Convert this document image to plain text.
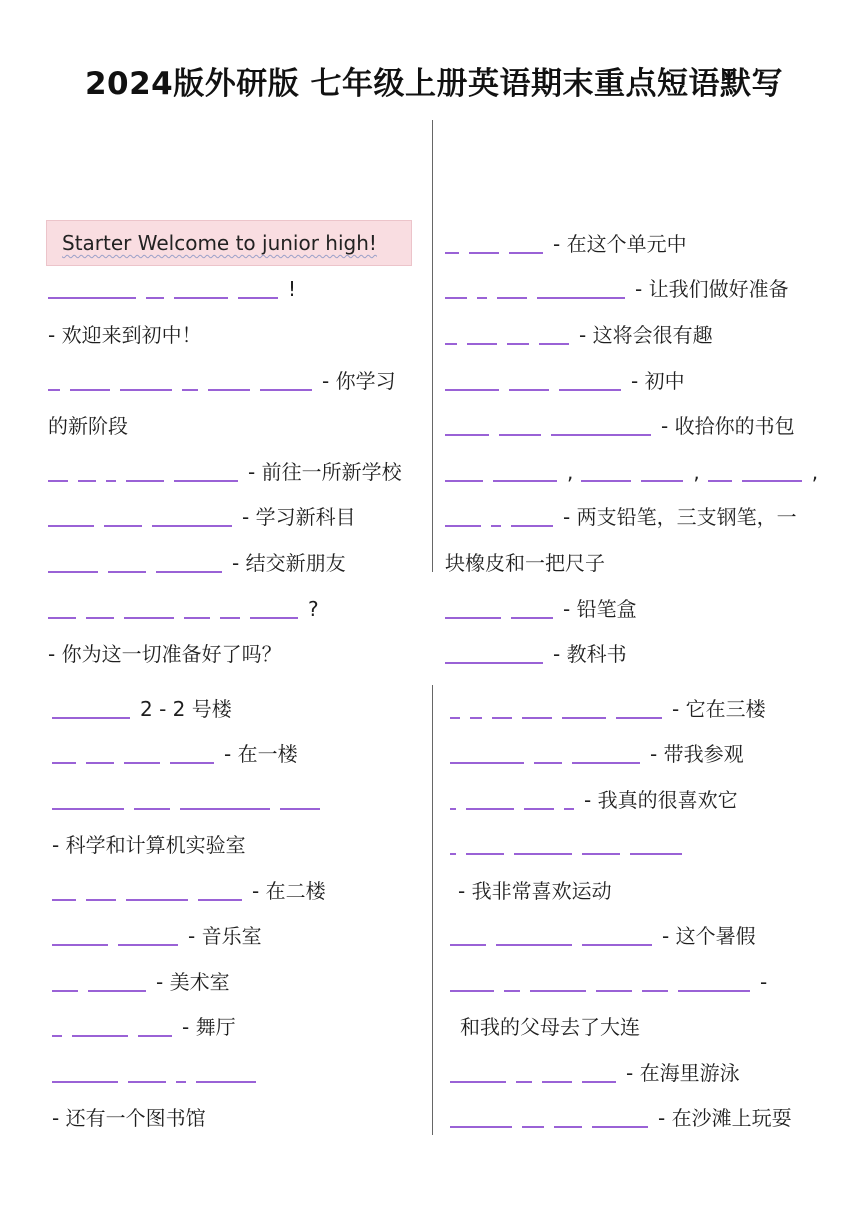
2024版外研版 七年级上册英语期末重点短语默写
Starter Welcome to junior high!
!
- 欢迎来到初中！
- 你学习
的新阶段
- 前往一所新学校
- 学习新科目
- 结交新朋友
?
- 你为这一切准备好了吗？
2 - 2 号楼
- 在一楼
- 科学和计算机实验室
- 在二楼
- 音乐室
- 美术室
- 舞厅
- 还有一个图书馆
- 在这个单元中
- 让我们做好准备
- 这将会很有趣
- 初中
- 收拾你的书包
,	,	,
- 两支铅笔，三支钢笔，一
块橡皮和一把尺子
- 铅笔盒
- 教科书
- 它在三楼
- 带我参观
- 我真的很喜欢它
- 我非常喜欢运动
- 这个暑假
-
和我的父母去了大连
- 在海里游泳
- 在沙滩上玩耍
